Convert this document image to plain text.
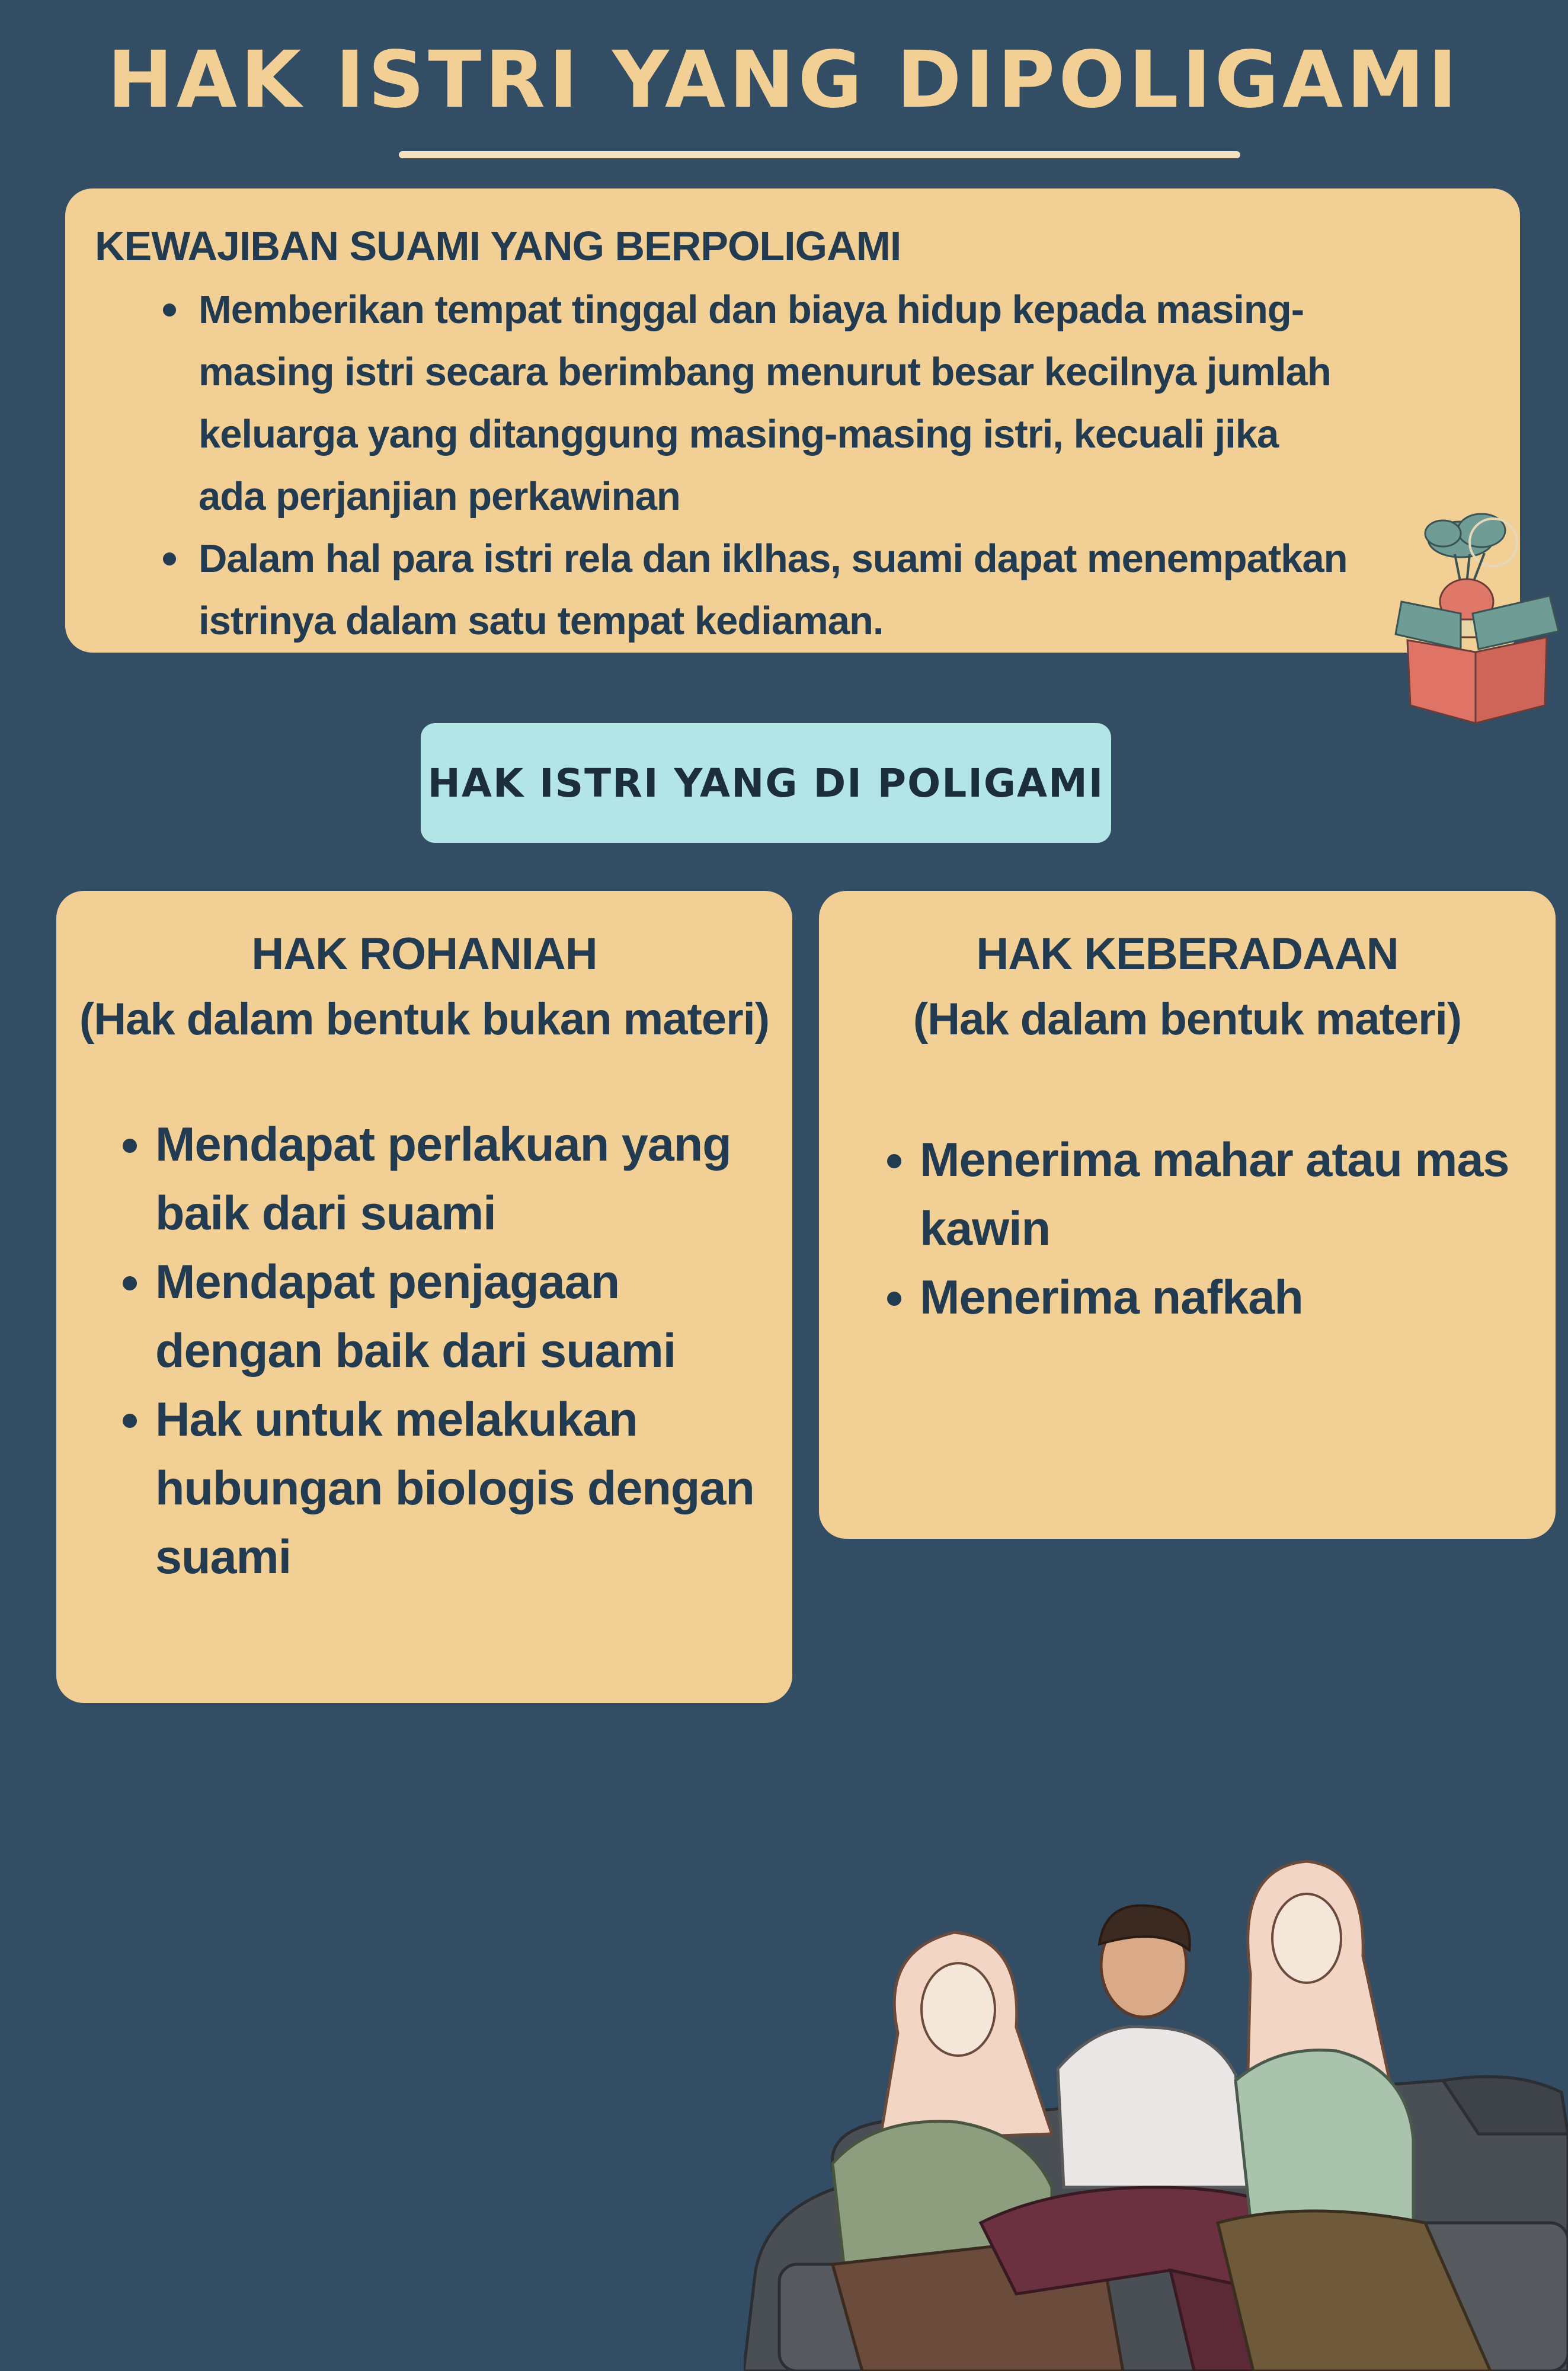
HAK ISTRI YANG DIPOLIGAMI
KEWAJIBAN SUAMI YANG BERPOLIGAMI
Memberikan tempat tinggal dan biaya hidup kepada masing-masing istri secara berimbang menurut besar kecilnya jumlah keluarga yang ditanggung masing-masing istri, kecuali jika ada perjanjian perkawinan
Dalam hal para istri rela dan iklhas, suami dapat menempatkan istrinya dalam satu tempat kediaman.
HAK ISTRI YANG DI POLIGAMI
HAK ROHANIAH
(Hak dalam bentuk bukan materi)
Mendapat perlakuan yang baik dari suami
Mendapat penjagaan dengan baik dari suami
Hak untuk melakukan hubungan biologis dengan suami
HAK KEBERADAAN
(Hak dalam bentuk materi)
Menerima mahar atau mas kawin
Menerima nafkah
